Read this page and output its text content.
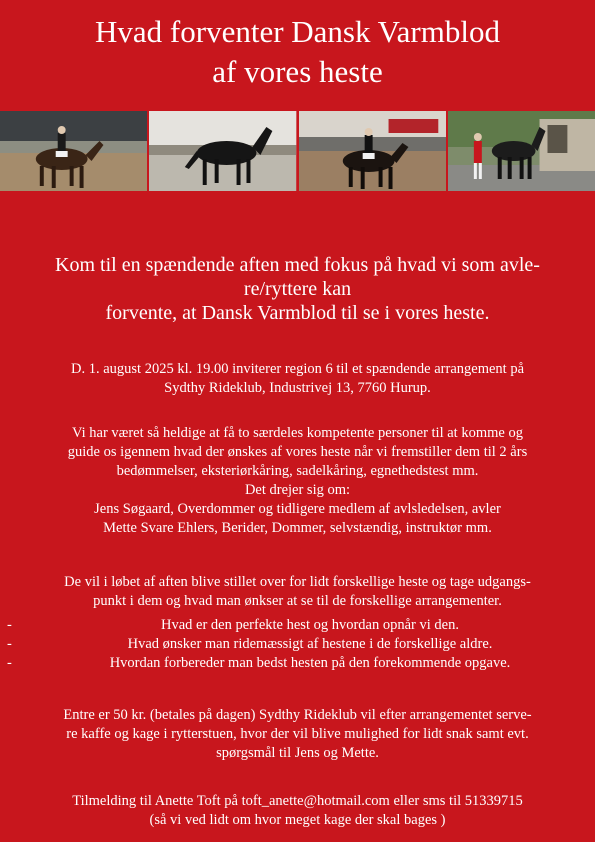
Hvad forventer Dansk Varmblod
af vores heste
Kom til en spændende aften med fokus på hvad vi som avle-
re/ryttere kan
forvente, at Dansk Varmblod til se i vores heste.
D. 1. august 2025 kl. 19.00 inviterer region 6 til et spændende arrangement på
Sydthy Rideklub, Industrivej 13, 7760 Hurup.
Vi har været så heldige at få to særdeles kompetente personer til at komme og
guide os igennem hvad der ønskes af vores heste når vi fremstiller dem til 2 års
bedømmelser, eksteriørkåring, sadelkåring, egnethedstest mm.
Det drejer sig om:
Jens Søgaard, Overdommer og tidligere medlem af avlsledelsen, avler
Mette Svare Ehlers, Berider, Dommer, selvstændig, instruktør mm.
De vil i løbet af aften blive stillet over for lidt forskellige heste og tage udgangs-
punkt i dem og hvad man ønkser at se til de forskellige arrangementer.
-	Hvad er den perfekte hest og hvordan opnår vi den.
-	Hvad ønsker man ridemæssigt af hestene i de forskellige aldre.
-	Hvordan forbereder man bedst hesten på den forekommende opgave.
Entre er 50 kr. (betales på dagen) Sydthy Rideklub vil efter arrangementet serve-
re kaffe og kage i rytterstuen, hvor der vil blive mulighed for lidt snak samt evt.
spørgsmål til Jens og Mette.
Tilmelding til Anette Toft på toft_anette@hotmail.com eller sms til 51339715
(så vi ved lidt om hvor meget kage der skal bages )
